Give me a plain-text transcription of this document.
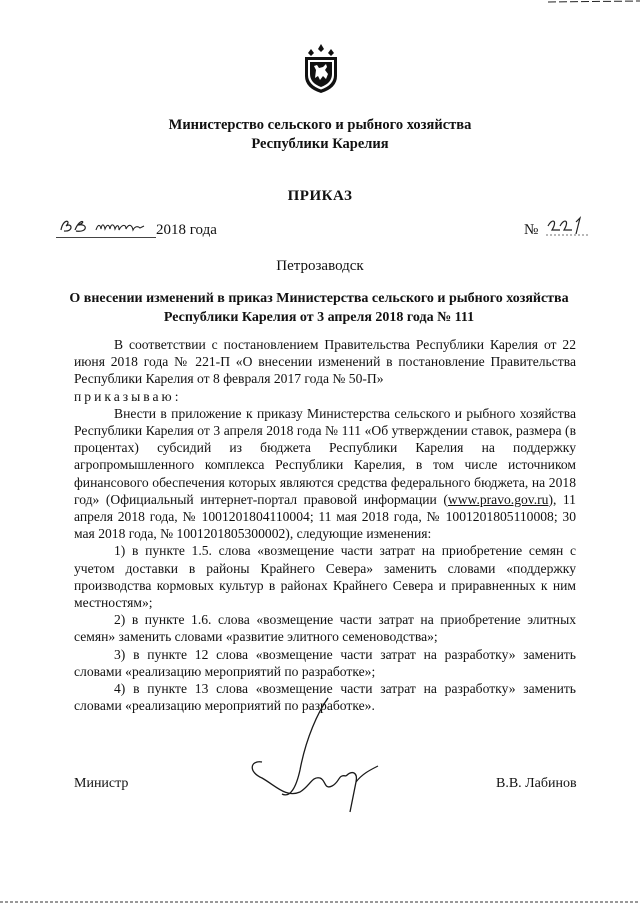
Министерство сельского и рыбного хозяйства
Республики Карелия
ПРИКАЗ
2018 года	№
Петрозаводск
О внесении изменений в приказ Министерства сельского и рыбного хозяйства
Республики Карелия от 3 апреля 2018 года № 111

В соответствии с постановлением Правительства Республики Карелия от 22 июня 2018 года № 221-П «О внесении изменений в постановление Правительства Республики Карелия от 8 февраля 2017 года № 50-П»

приказываю:

Внести в приложение к приказу Министерства сельского и рыбного хозяйства Республики Карелия от 3 апреля 2018 года № 111 «Об утверждении ставок, размера (в процентах) субсидий из бюджета Республики Карелия на поддержку агропромышленного комплекса Республики Карелия, в том числе источником финансового обеспечения которых являются средства федерального бюджета, на 2018 год» (Официальный интернет-портал правовой информации (www.pravo.gov.ru), 11 апреля 2018 года, № 1001201804110004; 11 мая 2018 года, № 1001201805110008; 30 мая 2018 года, № 1001201805300002), следующие изменения:

1) в пункте 1.5. слова «возмещение части затрат на приобретение семян с учетом доставки в районы Крайнего Севера» заменить словами «поддержку производства кормовых культур в районах Крайнего Севера и приравненных к ним местностям»;

2) в пункте 1.6. слова «возмещение части затрат на приобретение элитных семян» заменить словами «развитие элитного семеноводства»;

3) в пункте 12 слова «возмещение части затрат на разработку» заменить словами «реализацию мероприятий по разработке»;

4) в пункте 13 слова «возмещение части затрат на разработку» заменить словами «реализацию мероприятий по разработке».

Министр	В.В. Лабинов
